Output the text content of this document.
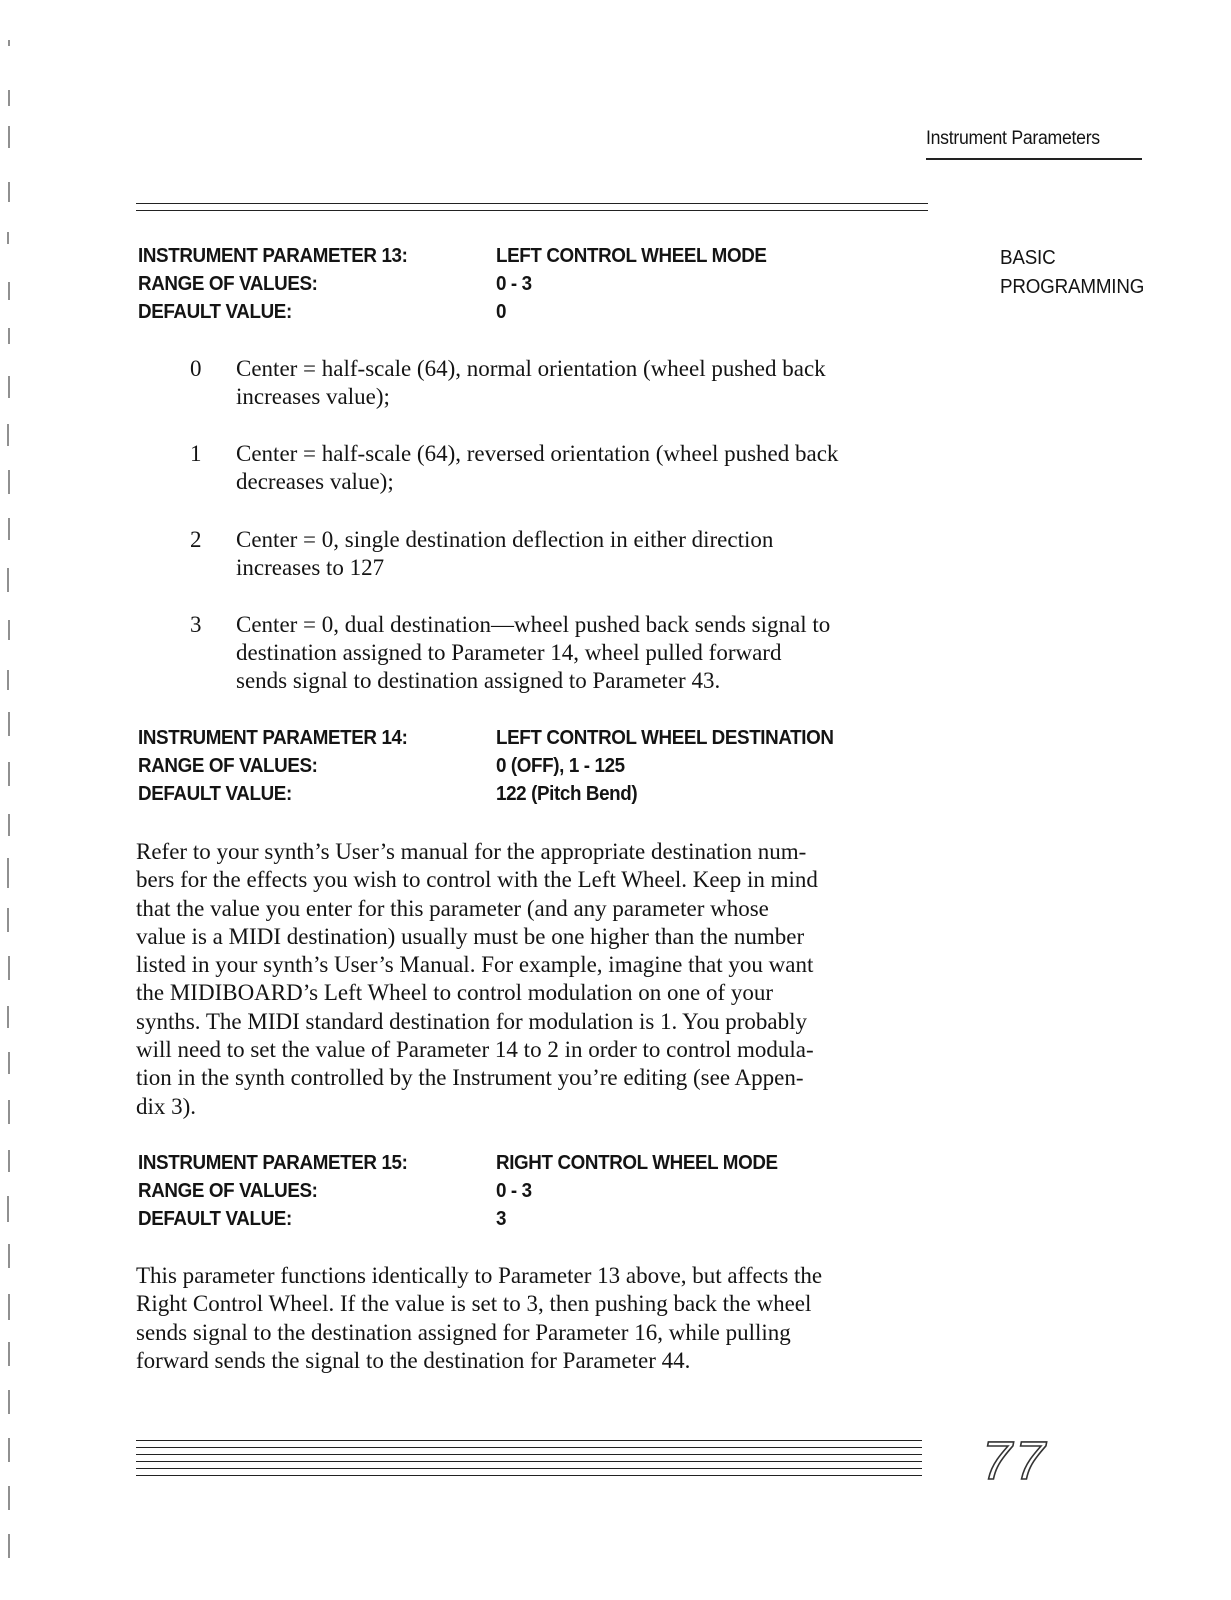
Instrument Parameters
BASIC
PROGRAMMING
INSTRUMENT PARAMETER 13:	LEFT CONTROL WHEEL MODE
RANGE OF VALUES:	0 - 3
DEFAULT VALUE:	0
0 Center = half-scale (64), normal orientation (wheel pushed back
increases value);
1 Center = half-scale (64), reversed orientation (wheel pushed back
decreases value);
2 Center = 0, single destination deflection in either direction
increases to 127
3 Center = 0, dual destination—wheel pushed back sends signal to
destination assigned to Parameter 14, wheel pulled forward
sends signal to destination assigned to Parameter 43.
INSTRUMENT PARAMETER 14:	LEFT CONTROL WHEEL DESTINATION
RANGE OF VALUES:	0 (OFF), 1 - 125
DEFAULT VALUE:	122 (Pitch Bend)
Refer to your synth’s User’s manual for the appropriate destination num-
bers for the effects you wish to control with the Left Wheel. Keep in mind
that the value you enter for this parameter (and any parameter whose
value is a MIDI destination) usually must be one higher than the number
listed in your synth’s User’s Manual. For example, imagine that you want
the MIDIBOARD’s Left Wheel to control modulation on one of your
synths. The MIDI standard destination for modulation is 1. You probably
will need to set the value of Parameter 14 to 2 in order to control modula-
tion in the synth controlled by the Instrument you’re editing (see Appen-
dix 3).
INSTRUMENT PARAMETER 15:	RIGHT CONTROL WHEEL MODE
RANGE OF VALUES:	0 - 3
DEFAULT VALUE:	3
This parameter functions identically to Parameter 13 above, but affects the
Right Control Wheel. If the value is set to 3, then pushing back the wheel
sends signal to the destination assigned for Parameter 16, while pulling
forward sends the signal to the destination for Parameter 44.
77
